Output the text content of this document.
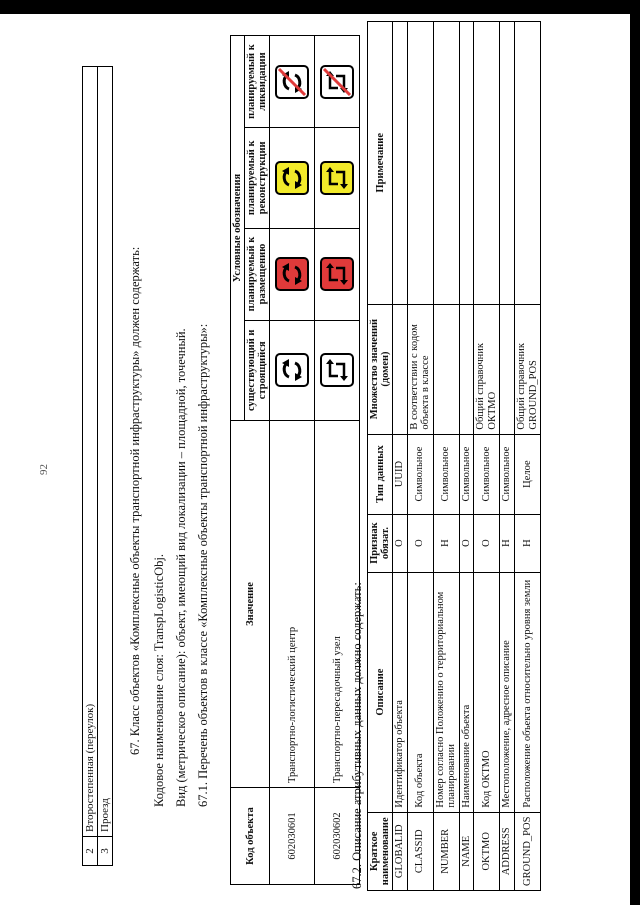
92
2	Второстепенная (переулок)
3	Проезд
67. Класс объектов «Комплексные объекты транспортной инфраструктуры» должен содержать: Кодовое наименование слоя: TranspLogisticObj. Вид (метрическое описание): объект, имеющий вид локализации – площадной, точечный. 67.1. Перечень объектов в классе «Комплексные объекты транспортной инфраструктуры»:
Код объекта	Значение	Условные обозначения			
		существующий и строящийся	планируемый к размещению	планируемый к реконструкции	планируемый к ликвидации
602030601	Транспортно-логистический центр	

602030602	Транспортно-пересадочный узел	

	67.2. Описание атрибутивных данных должно содержать: Краткое наименование	Описание	Признак обязат.	Тип данных	Множество значений (домен)	Примечание
GLOBALID	Идентификатор объекта	О	UUID		
CLASSID	Код объекта	О	Символьное	В соответствии с кодом объекта в классе	
NUMBER	Номер согласно Положению о территориальном планировании	Н	Символьное		
NAME	Наименование объекта	О	Символьное		
OKTMO	Код ОКТМО	О	Символьное	Общий справочник ОКТМО	
ADDRESS	Местоположение, адресное описание	Н	Символьное		
GROUND_POS	Расположение объекта относительно уровня земли	Н	Целое	Общий справочник GROUND_POS	
